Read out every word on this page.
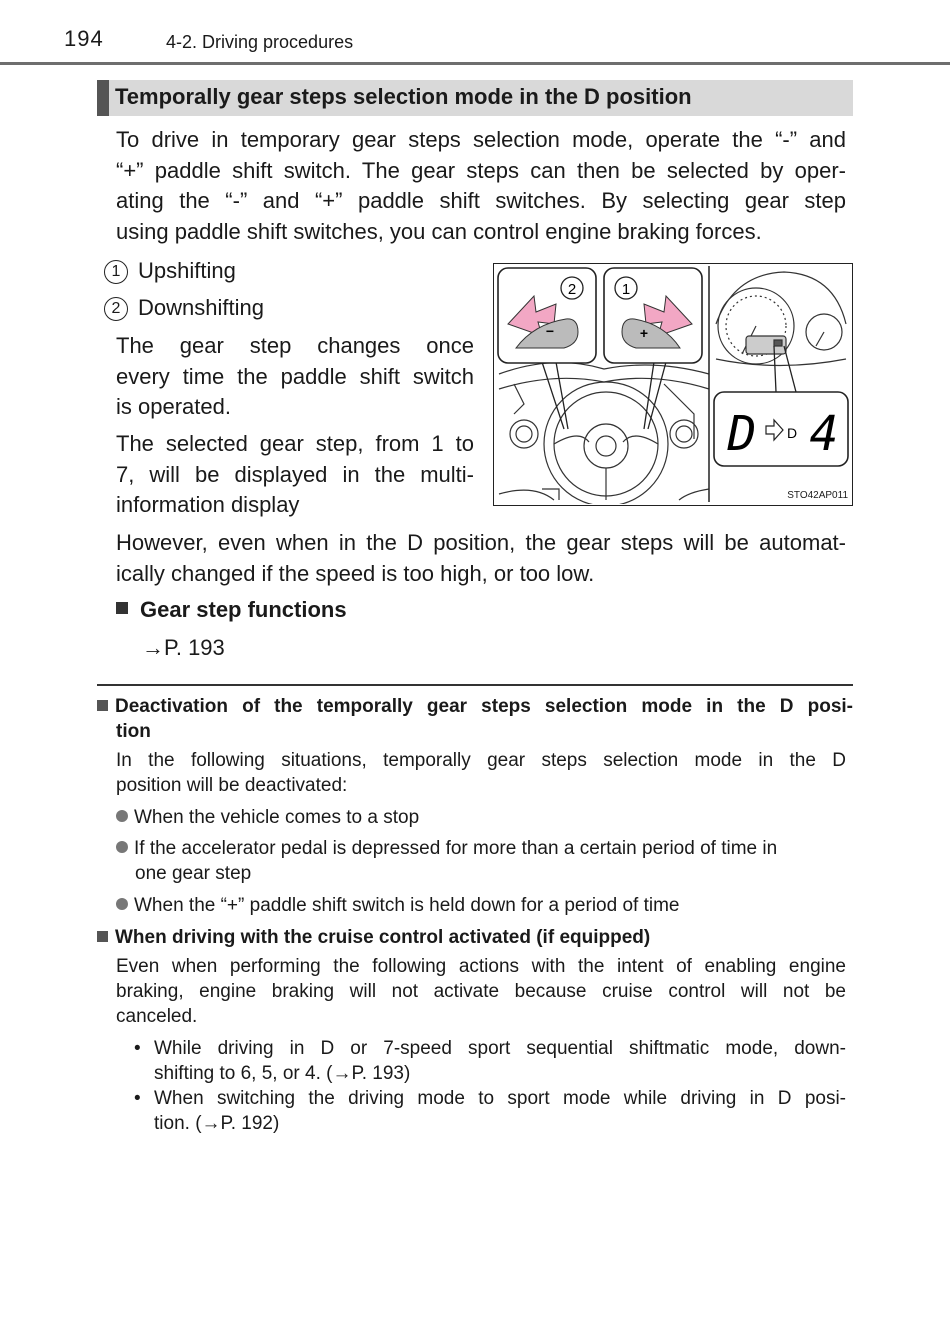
194	4-2. Driving procedures
Temporally gear steps selection mode in the D position
To drive in temporary gear steps selection mode, operate the “-” and
“+” paddle shift switch. The gear steps can then be selected by oper-
ating the “-” and “+” paddle shift switches. By selecting gear step
using paddle shift switches, you can control engine braking forces.
1 Upshifting
2 Downshifting
The gear step changes once
every time the paddle shift switch
is operated.
The selected gear step, from 1 to
7, will be displayed in the multi-
information display
2
−
1
+
D D 4
STO42AP011
However, even when in the D position, the gear steps will be automat-
ically changed if the speed is too high, or too low.
Gear step functions
→P. 193
Deactivation of the temporally gear steps selection mode in the D posi-
tion
In the following situations, temporally gear steps selection mode in the D
position will be deactivated:
When the vehicle comes to a stop
If the accelerator pedal is depressed for more than a certain period of time in
one gear step
When the “+” paddle shift switch is held down for a period of time
When driving with the cruise control activated (if equipped)
Even when performing the following actions with the intent of enabling engine
braking, engine braking will not activate because cruise control will not be
canceled.
• While driving in D or 7-speed sport sequential shiftmatic mode, down-
shifting to 6, 5, or 4. (→P. 193)
• When switching the driving mode to sport mode while driving in D posi-
tion. (→P. 192)
